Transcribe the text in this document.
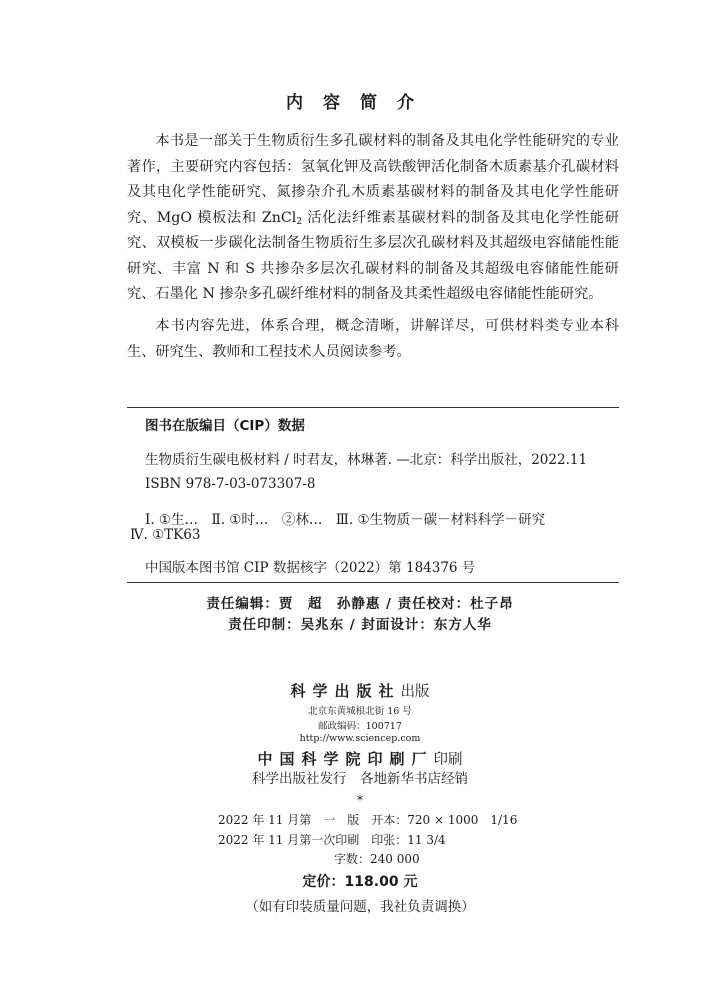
内容简介

本书是一部关于生物质衍生多孔碳材料的制备及其电化学性能研究的专业著作，主要研究内容包括：氢氧化钾及高铁酸钾活化制备木质素基介孔碳材料及其电化学性能研究、氮掺杂介孔木质素基碳材料的制备及其电化学性能研究、MgO 模板法和 ZnCl$_2$ 活化法纤维素基碳材料的制备及其电化学性能研究、双模板一步碳化法制备生物质衍生多层次孔碳材料及其超级电容储能性能研究、丰富 N 和 S 共掺杂多层次孔碳材料的制备及其超级电容储能性能研究、石墨化 N 掺杂多孔碳纤维材料的制备及其柔性超级电容储能性能研究。

本书内容先进，体系合理，概念清晰，讲解详尽，可供材料类专业本科生、研究生、教师和工程技术人员阅读参考。

图书在版编目（CIP）数据
生物质衍生碳电极材料 / 时君友，林琳著. —北京：科学出版社，2022.11
ISBN 978-7-03-073307-8
Ⅰ. ①生…　Ⅱ. ①时…　②林…　Ⅲ. ①生物质－碳－材料科学－研究
Ⅳ. ①TK63
中国版本图书馆 CIP 数据核字（2022）第 184376 号
责任编辑：贾　超　孙静惠 / 责任校对：杜子昂
责任印制：吴兆东 / 封面设计：东方人华
科学出版社出版
北京东黄城根北街 16 号
邮政编码：100717
http://www.sciencep.com
中国科学院印刷厂印刷
科学出版社发行　各地新华书店经销
*
2022 年 11 月第　一　版　开本：720 × 1000　1/16
2022 年 11 月第一次印刷　印张：11 3/4
字数：240 000
定价：118.00 元
（如有印装质量问题，我社负责调换）
